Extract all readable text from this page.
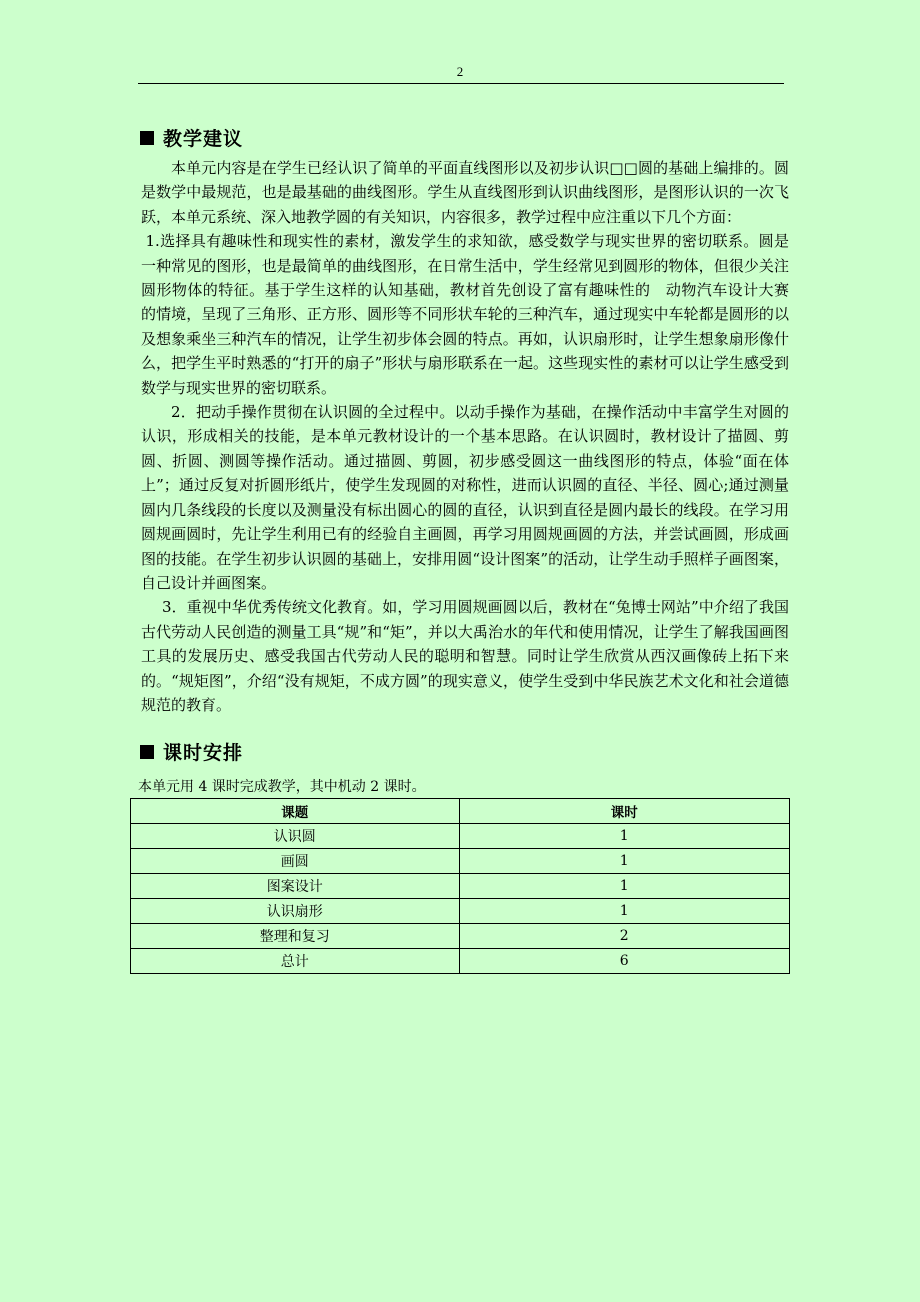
2
教学建议

本单元内容是在学生已经认识了简单的平面直线图形以及初步认识□□圆的基础上编排的。圆是数学中最规范，也是最基础的曲线图形。学生从直线图形到认识曲线图形，是图形认识的一次飞跃，本单元系统、深入地教学圆的有关知识，内容很多，教学过程中应注重以下几个方面：

1.选择具有趣味性和现实性的素材，激发学生的求知欲，感受数学与现实世界的密切联系。圆是一种常见的图形，也是最简单的曲线图形，在日常生活中，学生经常见到圆形的物体，但很少关注圆形物体的特征。基于学生这样的认知基础，教材首先创设了富有趣味性的　动物汽车设计大赛　的情境，呈现了三角形、正方形、圆形等不同形状车轮的三种汽车，通过现实中车轮都是圆形的以及想象乘坐三种汽车的情况，让学生初步体会圆的特点。再如，认识扇形时，让学生想象扇形像什么，把学生平时熟悉的“打开的扇子”形状与扇形联系在一起。这些现实性的素材可以让学生感受到数学与现实世界的密切联系。

2．把动手操作贯彻在认识圆的全过程中。以动手操作为基础，在操作活动中丰富学生对圆的认识，形成相关的技能，是本单元教材设计的一个基本思路。在认识圆时，教材设计了描圆、剪圆、折圆、测圆等操作活动。通过描圆、剪圆，初步感受圆这一曲线图形的特点，体验“面在体上”；通过反复对折圆形纸片，使学生发现圆的对称性，进而认识圆的直径、半径、圆心;通过测量圆内几条线段的长度以及测量没有标出圆心的圆的直径，认识到直径是圆内最长的线段。在学习用圆规画圆时，先让学生利用已有的经验自主画圆，再学习用圆规画圆的方法，并尝试画圆，形成画图的技能。在学生初步认识圆的基础上，安排用圆“设计图案”的活动，让学生动手照样子画图案，自己设计并画图案。

3．重视中华优秀传统文化教育。如，学习用圆规画圆以后，教材在“兔博士网站”中介绍了我国古代劳动人民创造的测量工具“规”和“矩”，并以大禹治水的年代和使用情况，让学生了解我国画图工具的发展历史、感受我国古代劳动人民的聪明和智慧。同时让学生欣赏从西汉画像砖上拓下来的。“规矩图”，介绍“没有规矩，不成方圆”的现实意义，使学生受到中华民族艺术文化和社会道德规范的教育。

课时安排
本单元用 4 课时完成教学，其中机动 2 课时。
课题	课时
认识圆	1
画圆	1
图案设计	1
认识扇形	1
整理和复习	2
总计	6
